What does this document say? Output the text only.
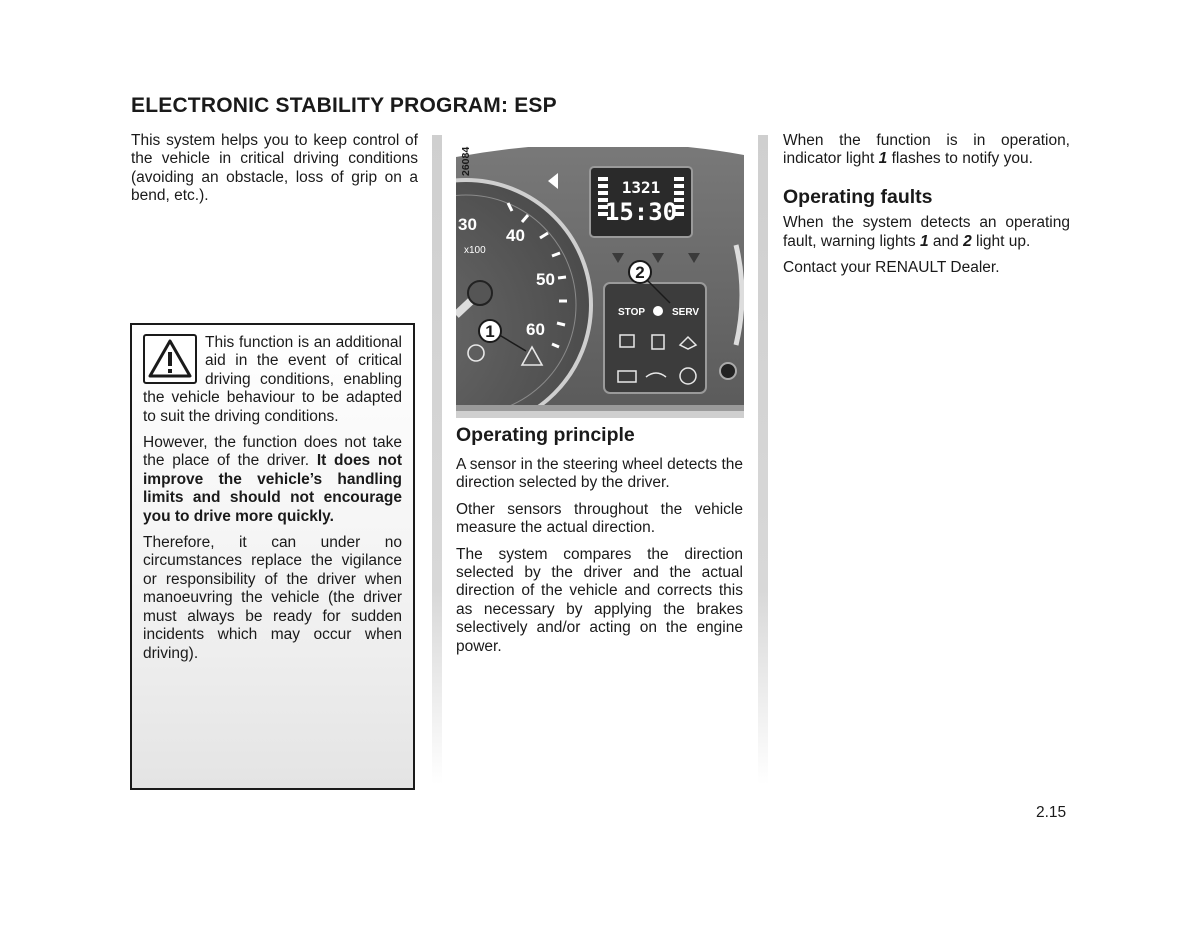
ELECTRONIC STABILITY PROGRAM: ESP

This system helps you to keep control of the vehicle in critical driving conditions (avoiding an obstacle, loss of grip on a bend, etc.).

This function is an additional aid in the event of critical driving conditions, enabling the vehicle behaviour to be adapted to suit the driving conditions.

However, the function does not take the place of the driver. It does not improve the vehicle’s handling limits and should not encourage you to drive more quickly.

Therefore, it can under no circumstances replace the vigilance or responsibility of the driver when manoeuvring the vehicle (the driver must always be ready for sudden incidents which may occur when driving).

30
40
50
60
x100
1321
15:30
STOP	SERV
1
2
26084
Operating principle

A sensor in the steering wheel detects the direction selected by the driver.

Other sensors throughout the vehicle measure the actual direction.

The system compares the direction selected by the driver and the actual direction of the vehicle and corrects this as necessary by applying the brakes selectively and/or acting on the engine power.

When the function is in operation, indicator light 1 flashes to notify you.

Operating faults

When the system detects an operating fault, warning lights 1 and 2 light up.

Contact your RENAULT Dealer.

2.15
